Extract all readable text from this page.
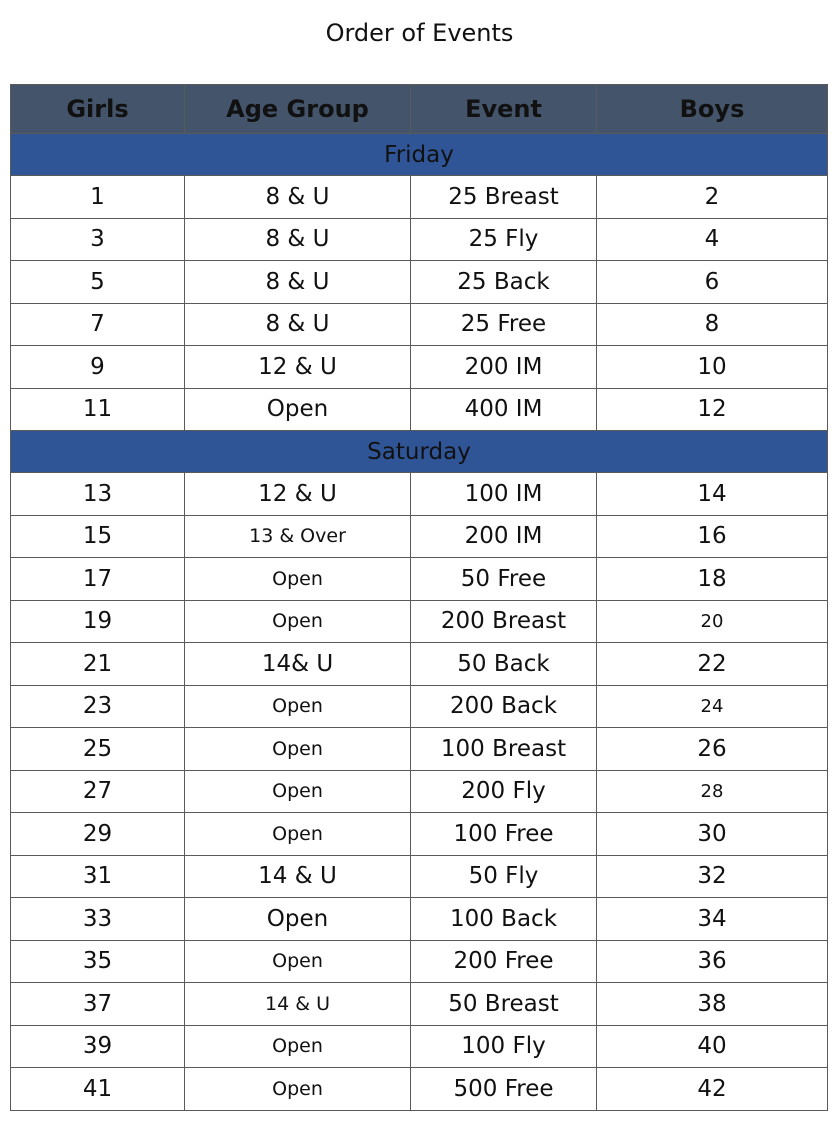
Order of Events
Girls	Age Group	Event	Boys
Friday			
1	8 & U	25 Breast	2
3	8 & U	25 Fly	4
5	8 & U	25 Back	6
7	8 & U	25 Free	8
9	12 & U	200 IM	10
11	Open	400 IM	12
Saturday			
13	12 & U	100 IM	14
15	13 & Over	200 IM	16
17	Open	50 Free	18
19	Open	200 Breast	20
21	14& U	50 Back	22
23	Open	200 Back	24
25	Open	100 Breast	26
27	Open	200 Fly	28
29	Open	100 Free	30
31	14 & U	50 Fly	32
33	Open	100 Back	34
35	Open	200 Free	36
37	14 & U	50 Breast	38
39	Open	100 Fly	40
41	Open	500 Free	42
